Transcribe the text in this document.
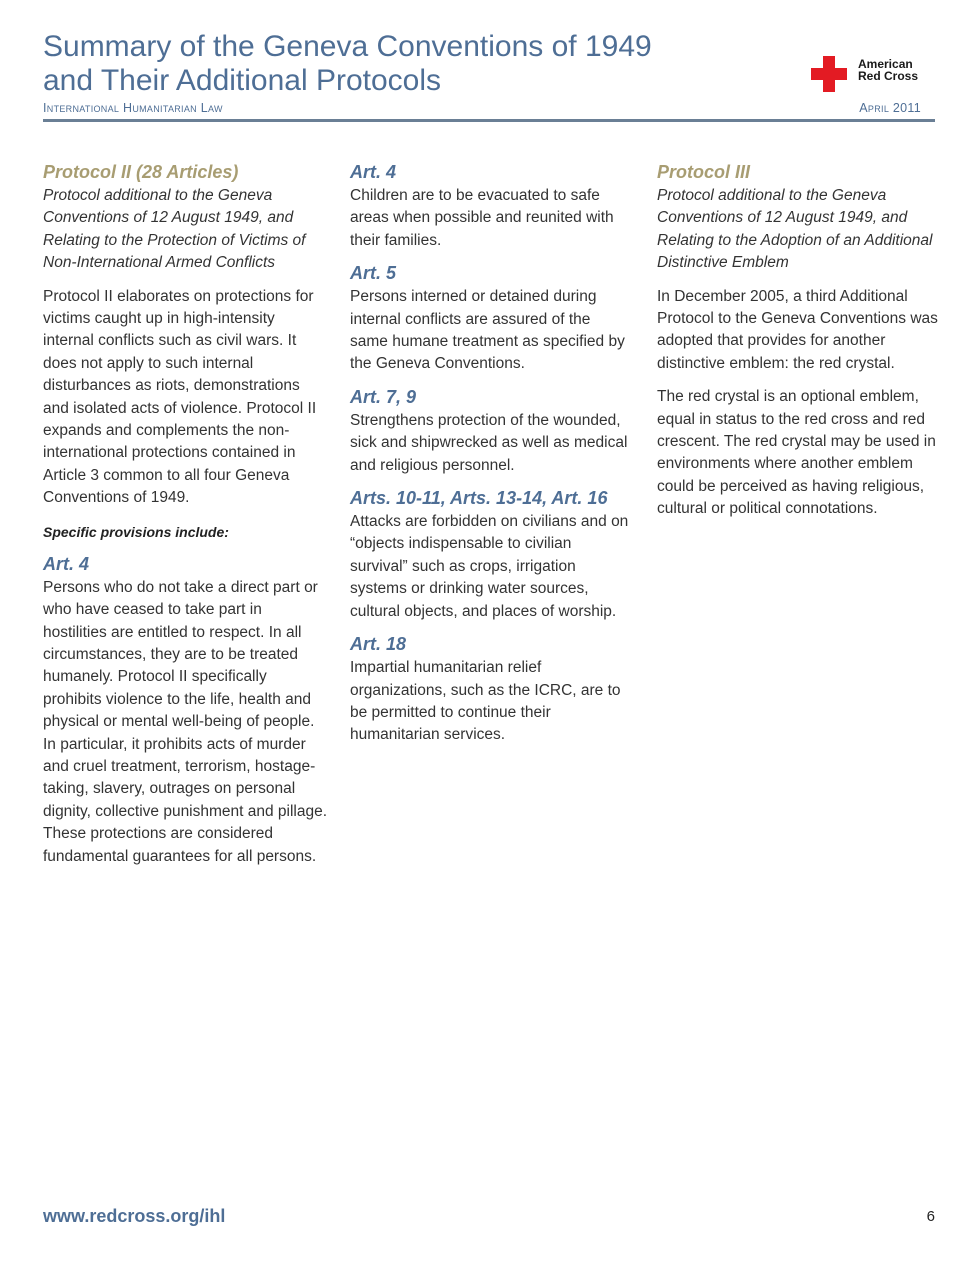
Summary of the Geneva Conventions of 1949
and Their Additional Protocols	American
Red Cross
International Humanitarian Law	April 2011
Protocol II (28 Articles)

Protocol additional to the Geneva Conventions of 12 August 1949, and Relating to the Protection of Victims of Non-International Armed Conflicts

Protocol II elaborates on protections for victims caught up in high-intensity internal conflicts such as civil wars. It does not apply to such internal disturbances as riots, demonstrations and isolated acts of violence. Protocol II expands and complements the non-international protections contained in Article 3 common to all four Geneva Conventions of 1949.

Specific provisions include:

Art. 4

Persons who do not take a direct part or who have ceased to take part in hostilities are entitled to respect. In all circumstances, they are to be treated humanely. Protocol II specifically prohibits violence to the life, health and physical or mental well-being of people. In particular, it prohibits acts of murder and cruel treatment, terrorism, hostage-taking, slavery, outrages on personal dignity, collective punishment and pillage. These protections are considered fundamental guarantees for all persons.

Art. 4

Children are to be evacuated to safe areas when possible and reunited with their families.

Art. 5

Persons interned or detained during internal conflicts are assured of the same humane treatment as specified by the Geneva Conventions.

Art. 7, 9

Strengthens protection of the wounded, sick and shipwrecked as well as medical and religious personnel.

Arts. 10-11, Arts. 13-14, Art. 16

Attacks are forbidden on civilians and on “objects indispensable to civilian survival” such as crops, irrigation systems or drinking water sources, cultural objects, and places of worship.

Art. 18

Impartial humanitarian relief organizations, such as the ICRC, are to be permitted to continue their humanitarian services.

Protocol III

Protocol additional to the Geneva Conventions of 12 August 1949, and Relating to the Adoption of an Additional Distinctive Emblem

In December 2005, a third Additional Protocol to the Geneva Conventions was adopted that provides for another distinctive emblem: the red crystal.

The red crystal is an optional emblem, equal in status to the red cross and red crescent. The red crystal may be used in environments where another emblem could be perceived as having religious, cultural or political connotations.

www.redcross.org/ihl	6
